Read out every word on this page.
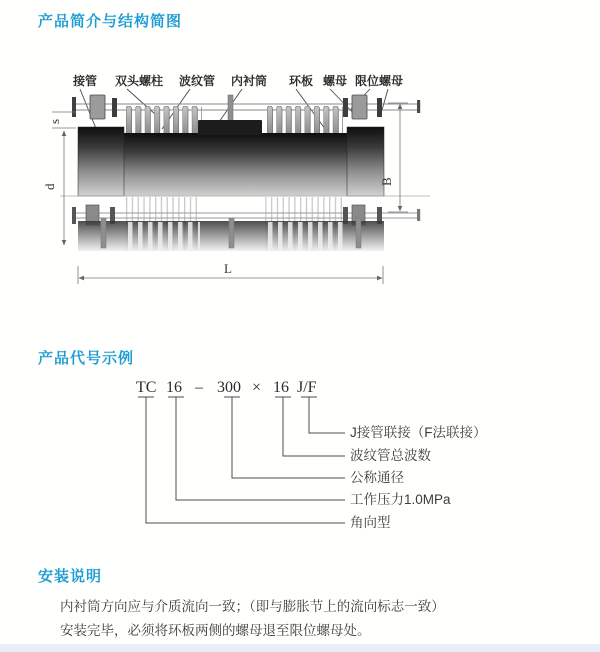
产品简介与结构简图
s
d
B
L
接管 双头螺柱 波纹管 内衬筒 环板 螺母 限位螺母
产品代号示例
TC 16 – 300 × 16 J/F
J接管联接（F法联接）
波纹管总波数
公称通径
工作压力1.0MPa
角向型
安装说明
内衬筒方向应与介质流向一致；（即与膨胀节上的流向标志一致）
安装完毕，必须将环板两侧的螺母退至限位螺母处。
